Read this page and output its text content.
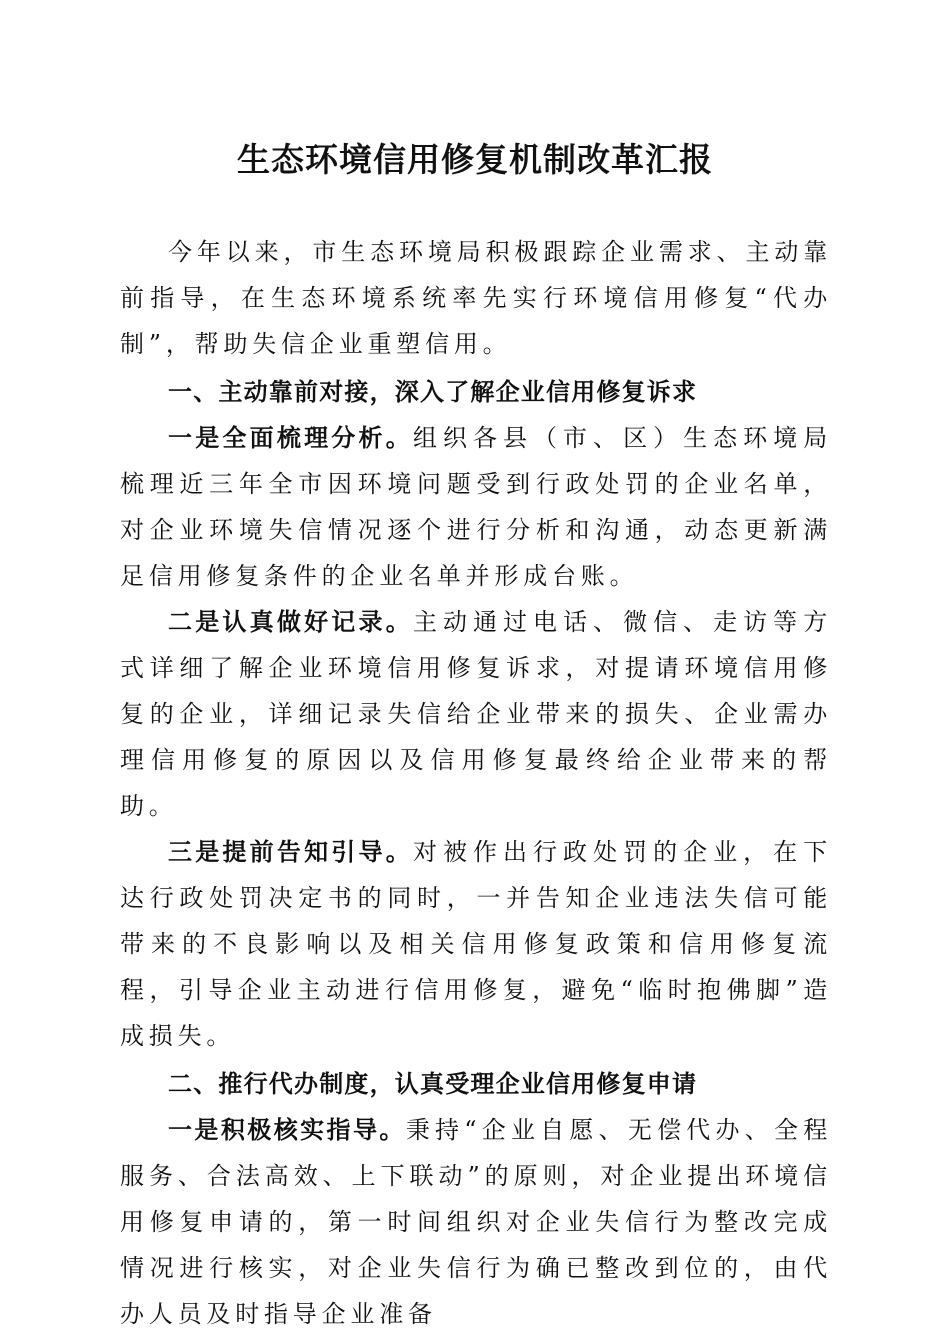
生态环境信用修复机制改革汇报

今年以来，市生态环境局积极跟踪企业需求、主动靠前指导，在生态环境系统率先实行环境信用修复“代办制”，帮助失信企业重塑信用。

一、主动靠前对接，深入了解企业信用修复诉求

一是全面梳理分析。组织各县（市、区）生态环境局梳理近三年全市因环境问题受到行政处罚的企业名单，对企业环境失信情况逐个进行分析和沟通，动态更新满足信用修复条件的企业名单并形成台账。

二是认真做好记录。主动通过电话、微信、走访等方式详细了解企业环境信用修复诉求，对提请环境信用修复的企业，详细记录失信给企业带来的损失、企业需办理信用修复的原因以及信用修复最终给企业带来的帮助。

三是提前告知引导。对被作出行政处罚的企业，在下达行政处罚决定书的同时，一并告知企业违法失信可能带来的不良影响以及相关信用修复政策和信用修复流程，引导企业主动进行信用修复，避免“临时抱佛脚”造成损失。

二、推行代办制度，认真受理企业信用修复申请

一是积极核实指导。秉持“企业自愿、无偿代办、全程服务、合法高效、上下联动”的原则，对企业提出环境信用修复申请的，第一时间组织对企业失信行为整改完成情况进行核实，对企业失信行为确已整改到位的，由代办人员及时指导企业准备
